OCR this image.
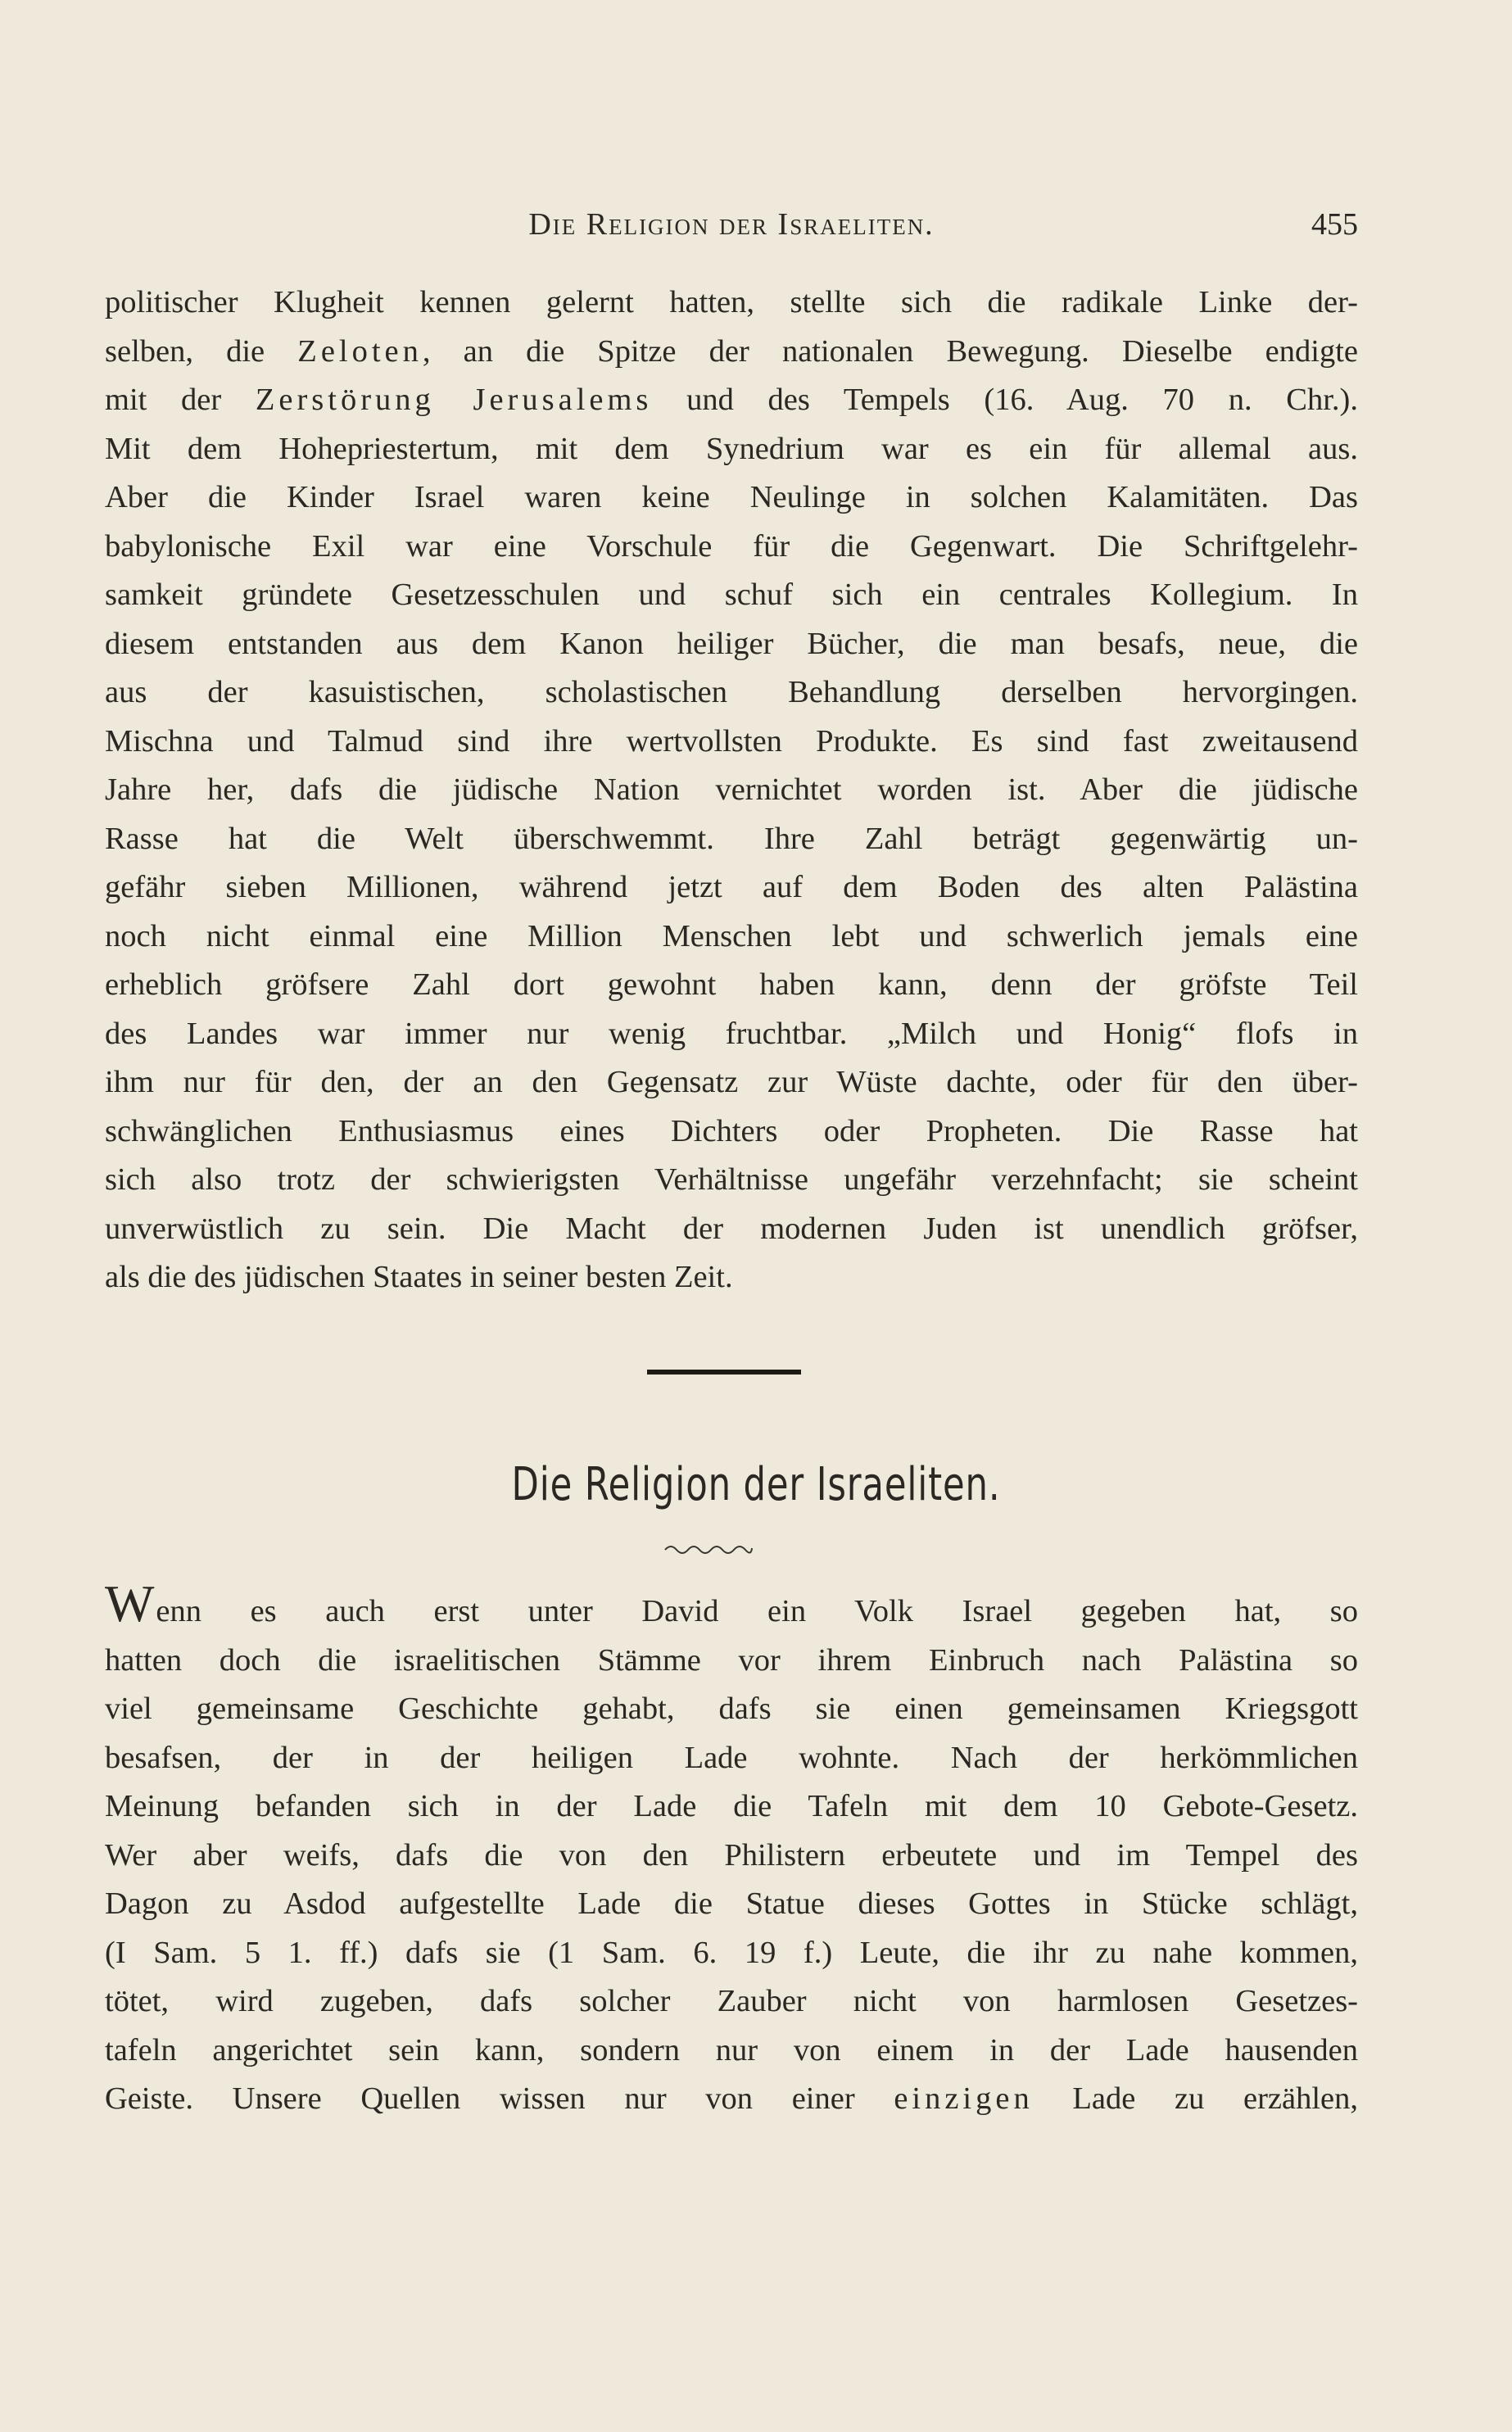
Die Religion der Israeliten.	455
politischer Klugheit kennen gelernt hatten, stellte sich die radikale Linke der-
selben, die Zeloten, an die Spitze der nationalen Bewegung. Dieselbe endigte
mit der Zerstörung Jerusalems und des Tempels (16. Aug. 70 n. Chr.).
Mit dem Hohepriestertum, mit dem Synedrium war es ein für allemal aus.
Aber die Kinder Israel waren keine Neulinge in solchen Kalamitäten. Das
babylonische Exil war eine Vorschule für die Gegenwart. Die Schriftgelehr-
samkeit gründete Gesetzesschulen und schuf sich ein centrales Kollegium. In
diesem entstanden aus dem Kanon heiliger Bücher, die man besafs, neue, die
aus der kasuistischen, scholastischen Behandlung derselben hervorgingen.
Mischna und Talmud sind ihre wertvollsten Produkte. Es sind fast zweitausend
Jahre her, dafs die jüdische Nation vernichtet worden ist. Aber die jüdische
Rasse hat die Welt überschwemmt. Ihre Zahl beträgt gegenwärtig un-
gefähr sieben Millionen, während jetzt auf dem Boden des alten Palästina
noch nicht einmal eine Million Menschen lebt und schwerlich jemals eine
erheblich gröfsere Zahl dort gewohnt haben kann, denn der gröfste Teil
des Landes war immer nur wenig fruchtbar. „Milch und Honig“ flofs in
ihm nur für den, der an den Gegensatz zur Wüste dachte, oder für den über-
schwänglichen Enthusiasmus eines Dichters oder Propheten. Die Rasse hat
sich also trotz der schwierigsten Verhältnisse ungefähr verzehnfacht; sie scheint
unverwüstlich zu sein. Die Macht der modernen Juden ist unendlich gröfser,
als die des jüdischen Staates in seiner besten Zeit.
Die Religion der Israeliten.
Wenn es auch erst unter David ein Volk Israel gegeben hat, so
hatten doch die israelitischen Stämme vor ihrem Einbruch nach Palästina so
viel gemeinsame Geschichte gehabt, dafs sie einen gemeinsamen Kriegsgott
besafsen, der in der heiligen Lade wohnte. Nach der herkömmlichen
Meinung befanden sich in der Lade die Tafeln mit dem 10 Gebote-Gesetz.
Wer aber weifs, dafs die von den Philistern erbeutete und im Tempel des
Dagon zu Asdod aufgestellte Lade die Statue dieses Gottes in Stücke schlägt,
(I Sam. 5 1. ff.) dafs sie (1 Sam. 6. 19 f.) Leute, die ihr zu nahe kommen,
tötet, wird zugeben, dafs solcher Zauber nicht von harmlosen Gesetzes-
tafeln angerichtet sein kann, sondern nur von einem in der Lade hausenden
Geiste. Unsere Quellen wissen nur von einer einzigen Lade zu erzählen,
